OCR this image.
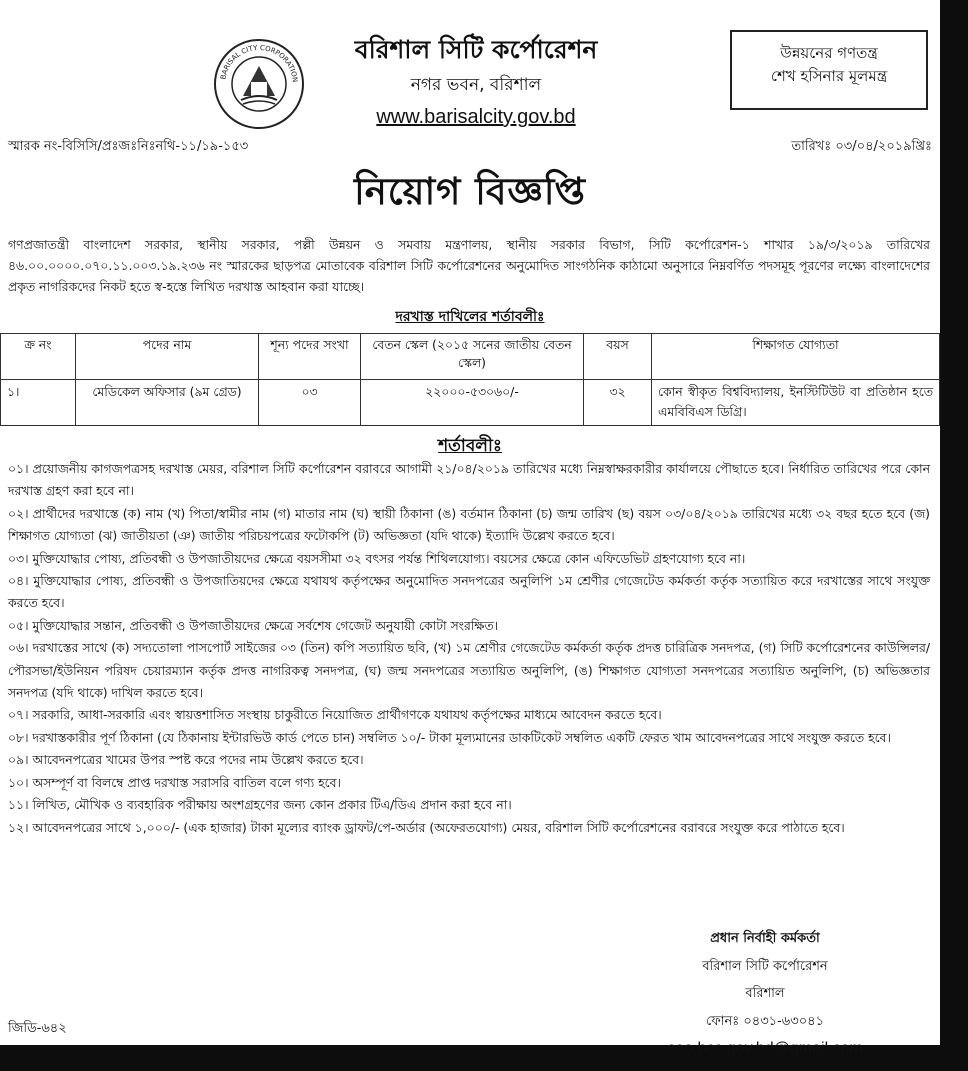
BARISAL CITY CORPORATION
বরিশাল সিটি কর্পোরেশন
নগর ভবন, বরিশাল
www.barisalcity.gov.bd
উন্নয়নের গণতন্ত্র
শেখ হসিনার মূলমন্ত্র
স্মারক নং-বিসিসি/প্রঃজঃনিঃনথি-১১/১৯-১৫৩	তারিখঃ ০৩/০৪/২০১৯খ্রিঃ
নিয়োগ বিজ্ঞপ্তি

গণপ্রজাতন্ত্রী বাংলাদেশ সরকার, স্থানীয় সরকার, পল্লী উন্নয়ন ও সমবায় মন্ত্রণালয়, স্থানীয় সরকার বিভাগ, সিটি কর্পোরেশন-১ শাখার ১৯/৩/২০১৯ তারিখের ৪৬.০০.০০০০.০৭০.১১.০০৩.১৯.২৩৬ নং স্মারকের ছাড়পত্র মোতাবেক বরিশাল সিটি কর্পোরেশনের অনুমোদিত সাংগঠনিক কাঠামো অনুসারে নিম্নবর্ণিত পদসমূহ পূরণের লক্ষ্যে বাংলাদেশের প্রকৃত নাগরিকদের নিকট হতে স্ব-হস্তে লিখিত দরখাস্ত আহবান করা যাচ্ছে।

দরখাস্ত দাখিলের শর্তাবলীঃ
ক্র নং	পদের নাম	শূন্য পদের সংখা	বেতন স্কেল (২০১৫ সনের জাতীয় বেতন স্কেল)	বয়স	শিক্ষাগত যোগ্যতা
১।	মেডিকেল অফিসার (৯ম গ্রেড)	০৩	২২০০০-৫৩০৬০/-	৩২	কোন স্বীকৃত বিশ্ববিদ্যালয়, ইনস্টিটিউট বা প্রতিষ্ঠান হতে এমবিবিএস ডিগ্রি।
শর্তাবলীঃ
০১। প্রয়োজনীয় কাগজপত্রসহ দরখাস্ত মেয়র, বরিশাল সিটি কর্পোরেশন বরাবরে আগামী ২১/০৪/২০১৯ তারিখের মধ্যে নিম্নস্বাক্ষরকারীর কার্যালয়ে পৌছাতে হবে। নির্ধারিত তারিখের পরে কোন দরখাস্ত গ্রহণ করা হবে না।
০২। প্রার্থীদের দরখাস্তে (ক) নাম (খ) পিতা/স্বামীর নাম (গ) মাতার নাম (ঘ) স্থায়ী ঠিকানা (ঙ) বর্তমান ঠিকানা (চ) জন্ম তারিখ (ছ) বয়স ০৩/০৪/২০১৯ তারিখের মধ্যে ৩২ বছর হতে হবে (জ) শিক্ষাগত যোগ্যতা (ঝ) জাতীয়তা (ঞ) জাতীয় পরিচয়পত্রের ফটোকপি (ট) অভিজ্ঞতা (যদি থাকে) ইত্যাদি উল্লেখ করতে হবে।
০৩। মুক্তিযোদ্ধার পোষ্য, প্রতিবন্ধী ও উপজাতীয়দের ক্ষেত্রে বয়সসীমা ৩২ বৎসর পর্যন্ত শিথিলযোগ্য। বয়সের ক্ষেত্রে কোন এফিডেভিট গ্রহণযোগ্য হবে না।
০৪। মুক্তিযোদ্ধার পোষ্য, প্রতিবন্ধী ও উপজাতিয়দের ক্ষেত্রে যথাযথ কর্তৃপক্ষের অনুমোদিত সনদপত্রের অনুলিপি ১ম শ্রেণীর গেজেটেড কর্মকর্তা কর্তৃক সত্যায়িত করে দরখাস্তের সাথে সংযুক্ত করতে হবে।
০৫। মুক্তিযোদ্ধার সন্তান, প্রতিবন্ধী ও উপজাতীয়দের ক্ষেত্রে সর্বশেষ গেজেট অনুযায়ী কোটা সংরক্ষিত।
০৬। দরখাস্তের সাথে (ক) সদ্যতোলা পাসপোর্ট সাইজের ০৩ (তিন) কপি সত্যায়িত ছবি, (খ) ১ম শ্রেণীর গেজেটেড কর্মকর্তা কর্তৃক প্রদত্ত চারিত্রিক সনদপত্র, (গ) সিটি কর্পোরেশনের কাউন্সিলর/পৌরসভা/ইউনিয়ন পরিষদ চেয়ারম্যান কর্তৃক প্রদত্ত নাগরিকত্ব সনদপত্র, (ঘ) জন্ম সনদপত্রের সত্যায়িত অনুলিপি, (ঙ) শিক্ষাগত যোগ্যতা সনদপত্রের সত্যায়িত অনুলিপি, (চ) অভিজ্ঞতার সনদপত্র (যদি থাকে) দাখিল করতে হবে।
০৭। সরকারি, আধা-সরকারি এবং স্বায়ত্তশাসিত সংস্থায় চাকুরীতে নিয়োজিত প্রার্থীগণকে যথাযথ কর্তৃপক্ষের মাধ্যমে আবেদন করতে হবে।
০৮। দরখাস্তকারীর পূর্ণ ঠিকানা (যে ঠিকানায় ইন্টারভিউ কার্ড পেতে চান) সম্বলিত ১০/- টাকা মূল্যমানের ডাকটিকেট সম্বলিত একটি ফেরত খাম আবেদনপত্রের সাথে সংযুক্ত করতে হবে।
০৯। আবেদনপত্রের খামের উপর স্পষ্ট করে পদের নাম উল্লেখ করতে হবে।
১০। অসম্পূর্ণ বা বিলম্বে প্রাপ্ত দরখাস্ত সরাসরি বাতিল বলে গণ্য হবে।
১১। লিখিত, মৌখিক ও ব্যবহারিক পরীক্ষায় অংশগ্রহণের জন্য কোন প্রকার টিএ/ডিএ প্রদান করা হবে না।
১২। আবেদনপত্রের সাথে ১,০০০/- (এক হাজার) টাকা মূল্যের ব্যাংক ড্রাফট/পে-অর্ডার (অফেরতযোগ্য) মেয়র, বরিশাল সিটি কর্পোরেশনের বরাবরে সংযুক্ত করে পাঠাতে হবে।
প্রধান নির্বাহী কর্মকর্তা
বরিশাল সিটি কর্পোরেশন
বরিশাল
ফোনঃ ০৪৩১-৬৩০৪১
ceo.bcc.gov.bd@gmail.com
জিডি-৬৪২
